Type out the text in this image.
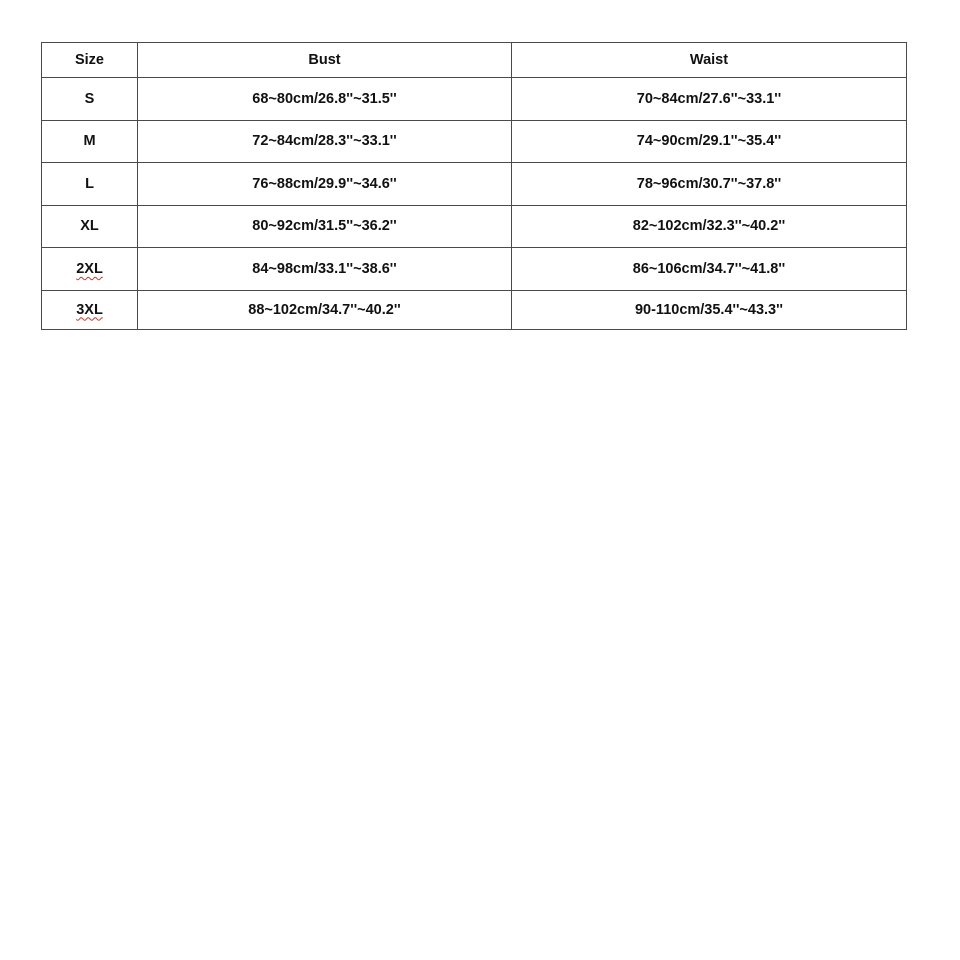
Size	Bust	Waist
S	68~80cm/26.8''~31.5''	70~84cm/27.6''~33.1''
M	72~84cm/28.3''~33.1''	74~90cm/29.1''~35.4''
L	76~88cm/29.9''~34.6''	78~96cm/30.7''~37.8''
XL	80~92cm/31.5''~36.2''	82~102cm/32.3''~40.2''
2XL	84~98cm/33.1''~38.6''	86~106cm/34.7''~41.8''
3XL	88~102cm/34.7''~40.2''	90-110cm/35.4''~43.3''
